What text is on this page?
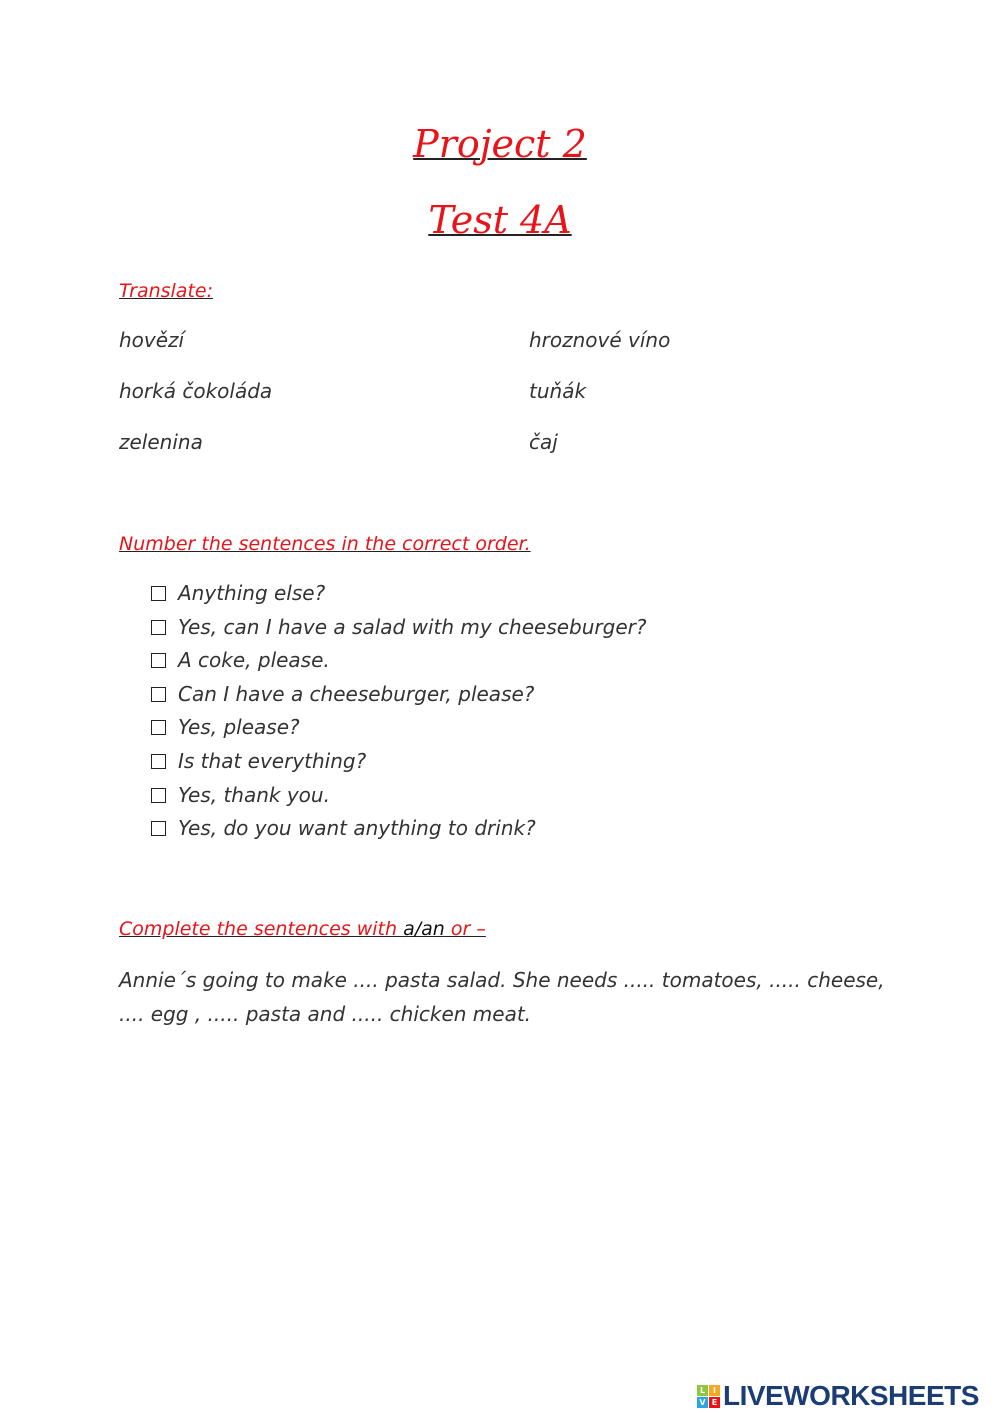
Project 2
Test 4A
Translate:
hovězí
horká čokoláda
zelenina
hroznové víno
tuňák
čaj
Number the sentences in the correct order.
Anything else?
Yes, can I have a salad with my cheeseburger?
A coke, please.
Can I have a cheeseburger, please?
Yes, please?
Is that everything?
Yes, thank you.
Yes, do you want anything to drink?
Complete the sentences with a/an or –
Annie´s going to make .... pasta salad. She needs ..... tomatoes, ..... cheese, .... egg , ..... pasta and ..... chicken meat.
L I
V E LIVEWORKSHEETS
